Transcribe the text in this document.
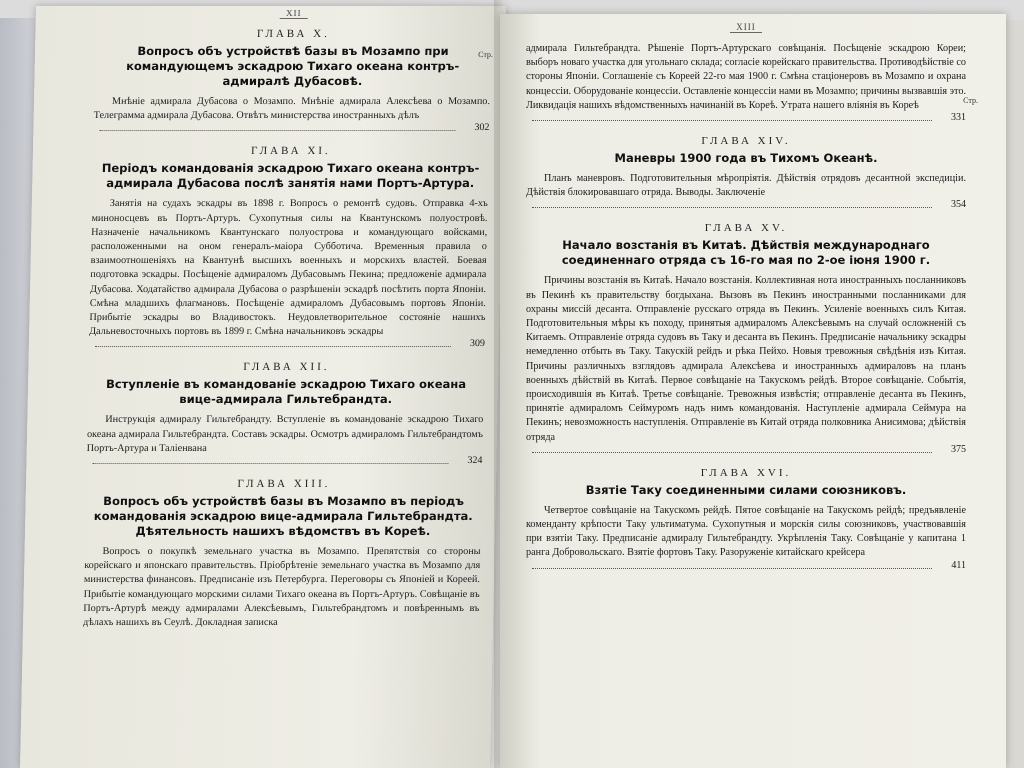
XII
Стр.
ГЛАВА X.
Вопросъ объ устройствѣ базы въ Мозампо при командующемъ эскадрою Тихаго океана контръ-адмиралѣ Дубасовѣ.
Мнѣніе адмирала Дубасова о Мозампо. Мнѣніе адмирала Алексѣева о Мозампо. Телеграмма адмирала Дубасова. Отвѣтъ министерства иностранныхъ дѣлъ
302
ГЛАВА XI.
Періодъ командованія эскадрою Тихаго океана контръ-адмирала Дубасова послѣ занятія нами Портъ-Артура.
Занятія на судахъ эскадры въ 1898 г. Вопросъ о ремонтѣ судовъ. Отправка 4-хъ миноносцевъ въ Портъ-Артуръ. Сухопутныя силы на Квантунскомъ полуостровѣ. Назначеніе начальникомъ Квантунскаго полуострова и командующаго войсками, расположенными на оном генералъ-маіора Субботича. Временныя правила о взаимоотношеніяхъ на Квантунѣ высшихъ военныхъ и морскихъ властей. Боевая подготовка эскадры. Посѣщеніе адмираломъ Дубасовымъ Пекина; предложеніе адмирала Дубасова. Ходатайство адмирала Дубасова о разрѣшеніи эскадрѣ посѣтить порта Японіи. Смѣна младшихъ флагмановъ. Посѣщеніе адмираломъ Дубасовымъ портовъ Японіи. Прибытіе эскадры во Владивостокъ. Неудовлетворительное состояніе нашихъ Дальневосточныхъ портовъ въ 1899 г. Смѣна начальниковъ эскадры
309
ГЛАВА XII.
Вступленіе въ командованіе эскадрою Тихаго океана вице-адмирала Гильтебрандта.
Инструкція адмиралу Гильтебрандту. Вступленіе въ командованіе эскадрою Тихаго океана адмирала Гильтебрандта. Составъ эскадры. Осмотръ адмираломъ Гильтебрандтомъ Портъ-Артура и Таліенвана
324
ГЛАВА XIII.
Вопросъ объ устройствѣ базы въ Мозампо въ періодъ командованія эскадрою вице-адмирала Гильтебрандта. Дѣятельность нашихъ вѣдомствъ въ Кореѣ.
Вопросъ о покупкѣ земельнаго участка въ Мозампо. Препятствія со стороны корейскаго и японскаго правительствъ. Пріобрѣтеніе земельнаго участка въ Мозампо для министерства финансовъ. Предписаніе изъ Петербурга. Переговоры съ Японіей и Кореей. Прибытіе командующаго морскими силами Тихаго океана въ Портъ-Артуръ. Совѣщаніе въ Портъ-Артурѣ между адмиралами Алексѣевымъ, Гильтебрандтомъ и повѣреннымъ въ дѣлахъ нашихъ въ Сеулѣ. Докладная записка
XIII
Стр.
адмирала Гильтебрандта. Рѣшеніе Портъ-Артурскаго совѣщанія. Посѣщеніе эскадрою Кореи; выборъ новаго участка для угольнаго склада; согласіе корейскаго правительства. Противодѣйствіе со стороны Японіи. Соглашеніе съ Кореей 22-го мая 1900 г. Смѣна стаціонеровъ въ Мозампо и охрана концессіи. Оборудованіе концессіи. Оставленіе концессіи нами въ Мозампо; причины вызвавшія это. Ликвидація нашихъ вѣдомственныхъ начинаній въ Кореѣ. Утрата нашего вліянія въ Кореѣ
331
ГЛАВА XIV.
Маневры 1900 года въ Тихомъ Океанѣ.
Планъ маневровъ. Подготовительныя мѣропріятія. Дѣйствія отрядовъ десантной экспедиціи. Дѣйствія блокировавшаго отряда. Выводы. Заключеніе
354
ГЛАВА XV.
Начало возстанія въ Китаѣ. Дѣйствія международнаго соединеннаго отряда съ 16-го мая по 2-ое іюня 1900 г.
Причины возстанія въ Китаѣ. Начало возстанія. Коллективная нота иностранныхъ посланниковъ въ Пекинѣ къ правительству богдыхана. Вызовъ въ Пекинъ иностранными посланниками для охраны миссій десанта. Отправленіе русскаго отряда въ Пекинъ. Усиленіе военныхъ силъ Китая. Подготовительныя мѣры къ походу, принятыя адмираломъ Алексѣевымъ на случай осложненій съ Китаемъ. Отправленіе отряда судовъ въ Таку и десанта въ Пекинъ. Предписаніе начальнику эскадры немедленно отбыть въ Таку. Такускій рейдъ и рѣка Пейхо. Новыя тревожныя свѣдѣнія изъ Китая. Причины различныхъ взглядовъ адмирала Алексѣева и иностранныхъ адмираловъ на планъ военныхъ дѣйствій въ Китаѣ. Первое совѣщаніе на Такускомъ рейдѣ. Второе совѣщаніе. Событія, происходившія въ Китаѣ. Третье совѣщаніе. Тревожныя извѣстія; отправленіе десанта въ Пекинъ, принятіе адмираломъ Сеймуромъ надъ нимъ командованія. Наступленіе адмирала Сеймура на Пекинъ; невозможность наступленія. Отправленіе въ Китай отряда полковника Анисимова; дѣйствія отряда
375
ГЛАВА XVI.
Взятіе Таку соединенными силами союзниковъ.
Четвертое совѣщаніе на Такускомъ рейдѣ. Пятое совѣщаніе на Такускомъ рейдѣ; предъявленіе коменданту крѣпости Таку ультиматума. Сухопутныя и морскія силы союзниковъ, участвовавшія при взятіи Таку. Предписаніе адмиралу Гильтебрандту. Укрѣпленія Таку. Совѣщаніе у капитана 1 ранга Добровольскаго. Взятіе фортовъ Таку. Разоруженіе китайскаго крейсера
411
